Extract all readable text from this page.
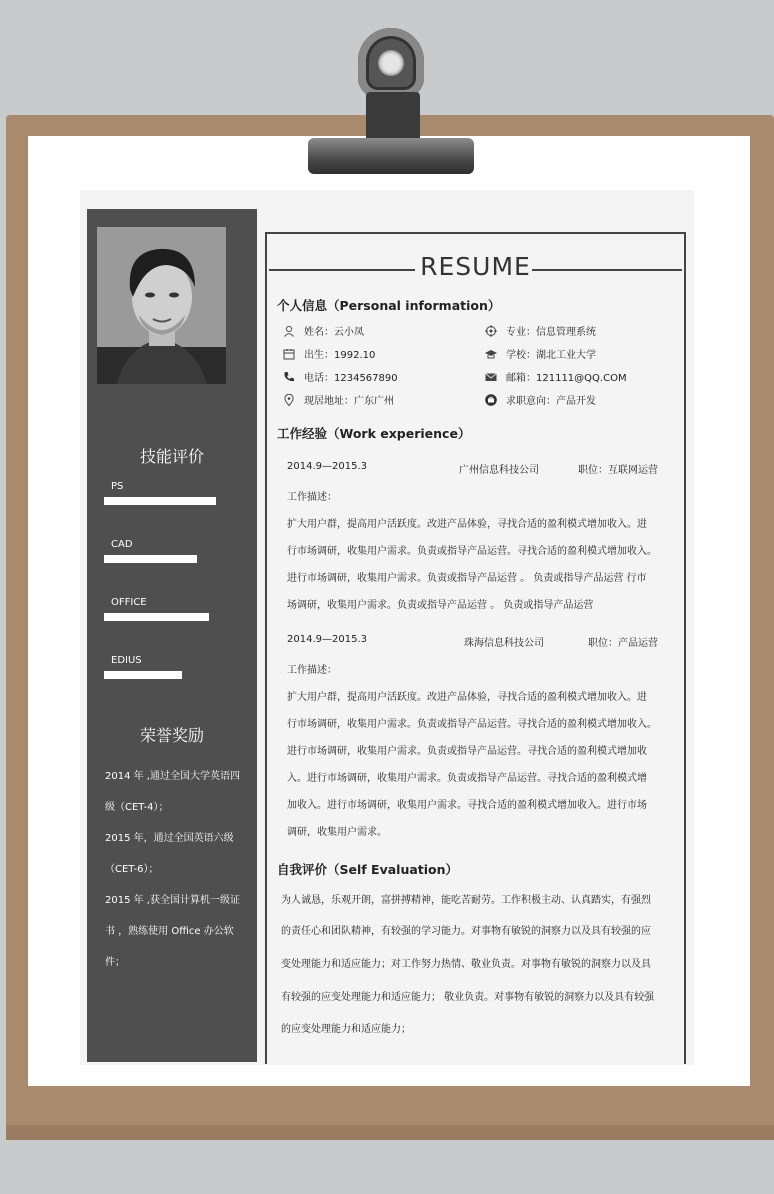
技能评价
PS
CAD
OFFICE
EDIUS
荣誉奖励
2014 年 ,通过全国大学英语四
级（CET-4）；
2015 年，通过全国英语六级
（CET-6）；
2015 年 ,获全国计算机一级证
书 ，熟练使用 Office 办公软
件；
RESUME
个人信息（Personal information）
姓名：云小凤	专业：信息管理系统
出生：1992.10	学校：湖北工业大学
电话：1234567890	邮箱：121111@QQ.COM
现居地址：广东广州	求职意向：产品开发
工作经验（Work experience）
2014.9—2015.3	广州信息科技公司	职位：互联网运营
工作描述：
扩大用户群，提高用户活跃度。改进产品体验，寻找合适的盈利模式增加收入。进
行市场调研，收集用户需求。负责或指导产品运营。寻找合适的盈利模式增加收入。
进行市场调研，收集用户需求。负责或指导产品运营 。 负责或指导产品运营 行市
场调研，收集用户需求。负责或指导产品运营 。 负责或指导产品运营
2014.9—2015.3	珠海信息科技公司	职位：产品运营
工作描述：
扩大用户群，提高用户活跃度。改进产品体验，寻找合适的盈利模式增加收入。进
行市场调研，收集用户需求。负责或指导产品运营。寻找合适的盈利模式增加收入。
进行市场调研，收集用户需求。负责或指导产品运营。寻找合适的盈利模式增加收
入。进行市场调研，收集用户需求。负责或指导产品运营。寻找合适的盈利模式增
加收入。进行市场调研，收集用户需求。寻找合适的盈利模式增加收入。进行市场
调研，收集用户需求。
自我评价（Self Evaluation）
为人诚恳，乐观开朗，富拼搏精神，能吃苦耐劳。工作积极主动、认真踏实，有强烈
的责任心和团队精神，有较强的学习能力。对事物有敏锐的洞察力以及具有较强的应
变处理能力和适应能力；对工作努力热情、敬业负责。对事物有敏锐的洞察力以及具
有较强的应变处理能力和适应能力； 敬业负责。对事物有敏锐的洞察力以及具有较强
的应变处理能力和适应能力；
